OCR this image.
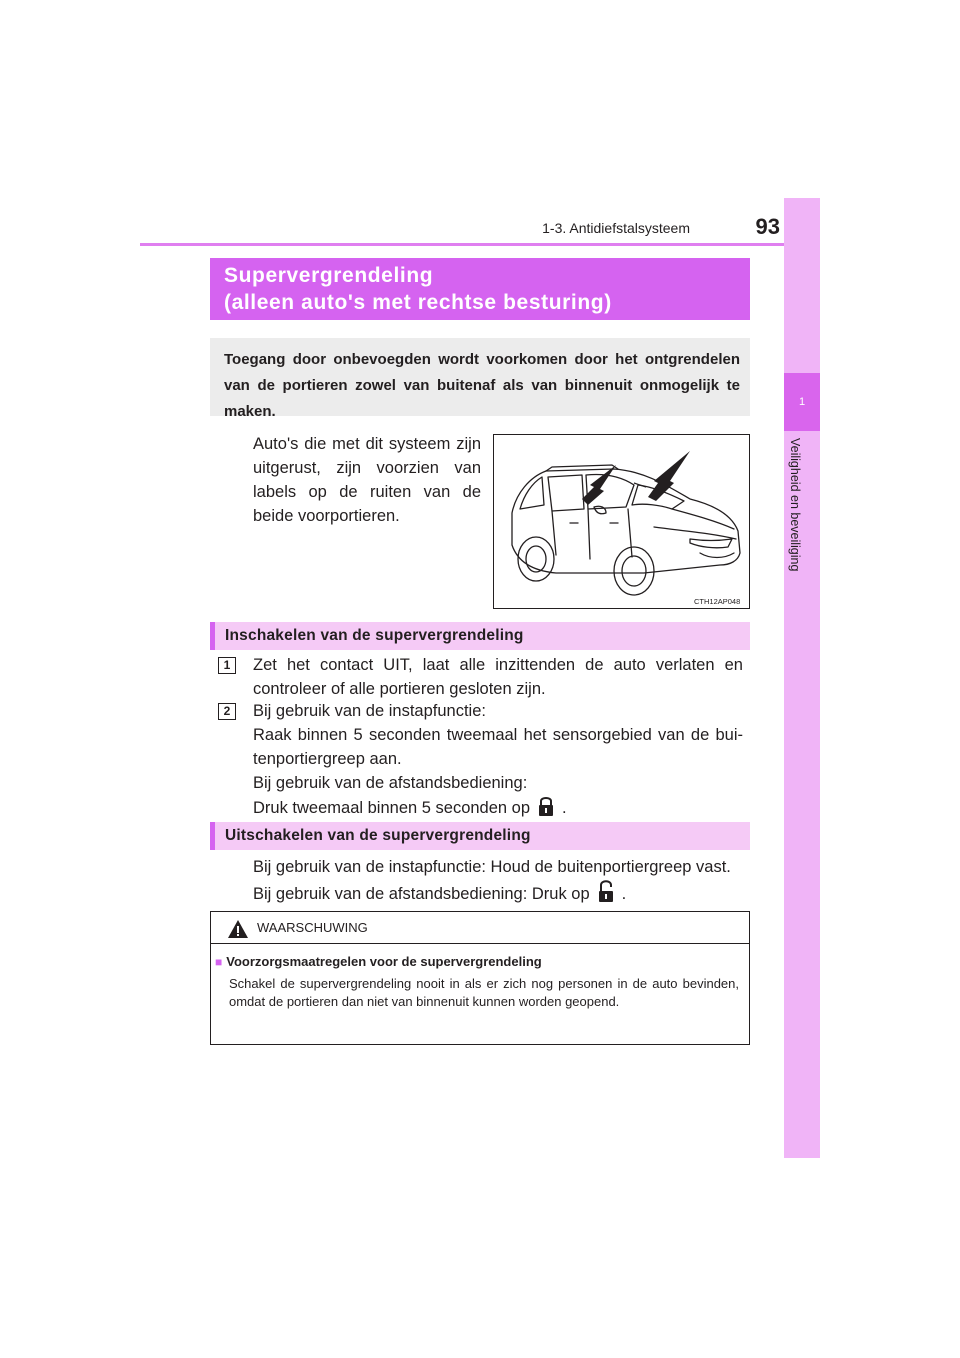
1-3. Antidiefstalsysteem	93
1
Veiligheid en beveiliging
Supervergrendeling
(alleen auto's met rechtse besturing)
Toegang door onbevoegden wordt voorkomen door het ontgrendelen van de portieren zowel van buitenaf als van binnenuit onmogelijk te maken.
Auto's die met dit systeem zijn uitgerust, zijn voorzien van labels op de ruiten van de beide voorportieren.
CTH12AP048
Inschakelen van de supervergrendeling
1	Zet het contact UIT, laat alle inzittenden de auto verlaten en controleer of alle portieren gesloten zijn.
2	Bij gebruik van de instapfunctie:
Raak binnen 5 seconden tweemaal het sensorgebied van de buitenportiergreep aan.
Bij gebruik van de afstandsbediening:
Druk tweemaal binnen 5 seconden op .
Uitschakelen van de supervergrendeling
Bij gebruik van de instapfunctie: Houd de buitenportiergreep vast.
Bij gebruik van de afstandsbediening: Druk op .
WAARSCHUWING
■ Voorzorgsmaatregelen voor de supervergrendeling
Schakel de supervergrendeling nooit in als er zich nog personen in de auto bevinden, omdat de portieren dan niet van binnenuit kunnen worden geopend.
